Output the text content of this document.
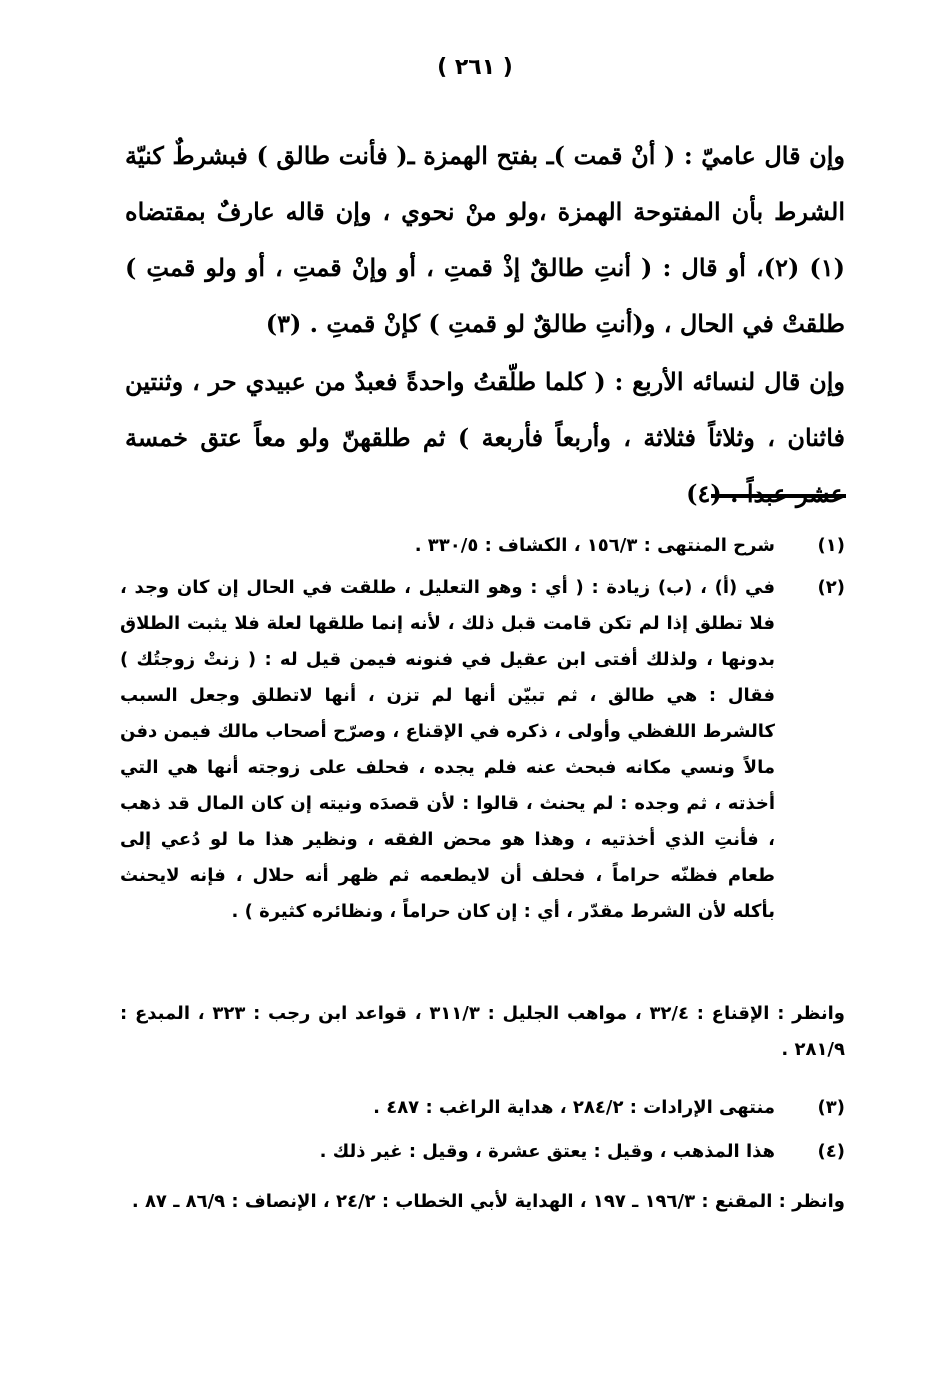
( ٢٦١ )
وإن قال عاميّ : ( أنْ قمت )ـ بفتح الهمزة ـ( فأنت طالق ) فبشرطٌ كنيّة الشرط بأن المفتوحة الهمزة ،ولو منْ نحوي ، وإن قاله عارفٌ بمقتضاه (١) (٢)، أو قال : ( أنتِ طالقٌ إذْ قمتِ ، أو وإنْ قمتِ ، أو ولو قمتِ ) طلقتْ في الحال ، و(أنتِ طالقٌ لو قمتِ ) كإنْ قمتِ . (٣)
وإن قال لنسائه الأربع : ( كلما طلّقتُ واحدةً فعبدٌ من عبيدي حر ، وثنتين فاثنان ، وثلاثاً فثلاثة ، وأربعاً فأربعة ) ثم طلقهنّ ولو معاً عتق خمسة ٤)
(١)
شرح المنتهى : ١٥٦/٣ ، الكشاف : ٣٣٠/٥ .
(٢)
في (أ) ، (ب) زيادة : ( أي : وهو التعليل ، طلقت في الحال إن كان وجد ، فلا تطلق إذا لم تكن قامت قبل ذلك ، لأنه إنما طلقها لعلة فلا يثبت الطلاق بدونها ، ولذلك أفتى ابن عقيل في فنونه فيمن قيل له : ( زنتْ زوجتُك ) فقال : هي طالق ، ثم تبيّن أنها لم تزن ، أنها لاتطلق وجعل السبب كالشرط اللفظي وأولى ، ذكره في الإقناع ، وصرّح أصحاب مالك فيمن دفن مالاً ونسي مكانه فبحث عنه فلم يجده ، فحلف على زوجته أنها هي التي أخذته ، ثم وجده : لم يحنث ، قالوا : لأن قصدَه ونيته إن كان المال قد ذهب ، فأنتِ الذي أخذتيه ، وهذا هو محض الفقه ، ونظير هذا ما لو دُعي إلى طعام فظنّه حراماً ، فحلف أن لايطعمه ثم ظهر أنه حلال ، فإنه لايحنث بأكله لأن الشرط مقدّر ، أي : إن كان حراماً ، ونظائره كثيرة ) .
وانظر : الإقناع : ٣٢/٤ ، مواهب الجليل : ٣١١/٣ ، قواعد ابن رجب : ٣٢٣ ، المبدع : ٢٨١/٩ .
(٣)
منتهى الإرادات : ٢٨٤/٢ ، هداية الراغب : ٤٨٧ .
(٤)
هذا المذهب ، وقيل : يعتق عشرة ، وقيل : غير ذلك .
وانظر : المقنع : ١٩٦/٣ ـ ١٩٧ ، الهداية لأبي الخطاب : ٢٤/٢ ، الإنصاف : ٨٦/٩ ـ ٨٧ .
